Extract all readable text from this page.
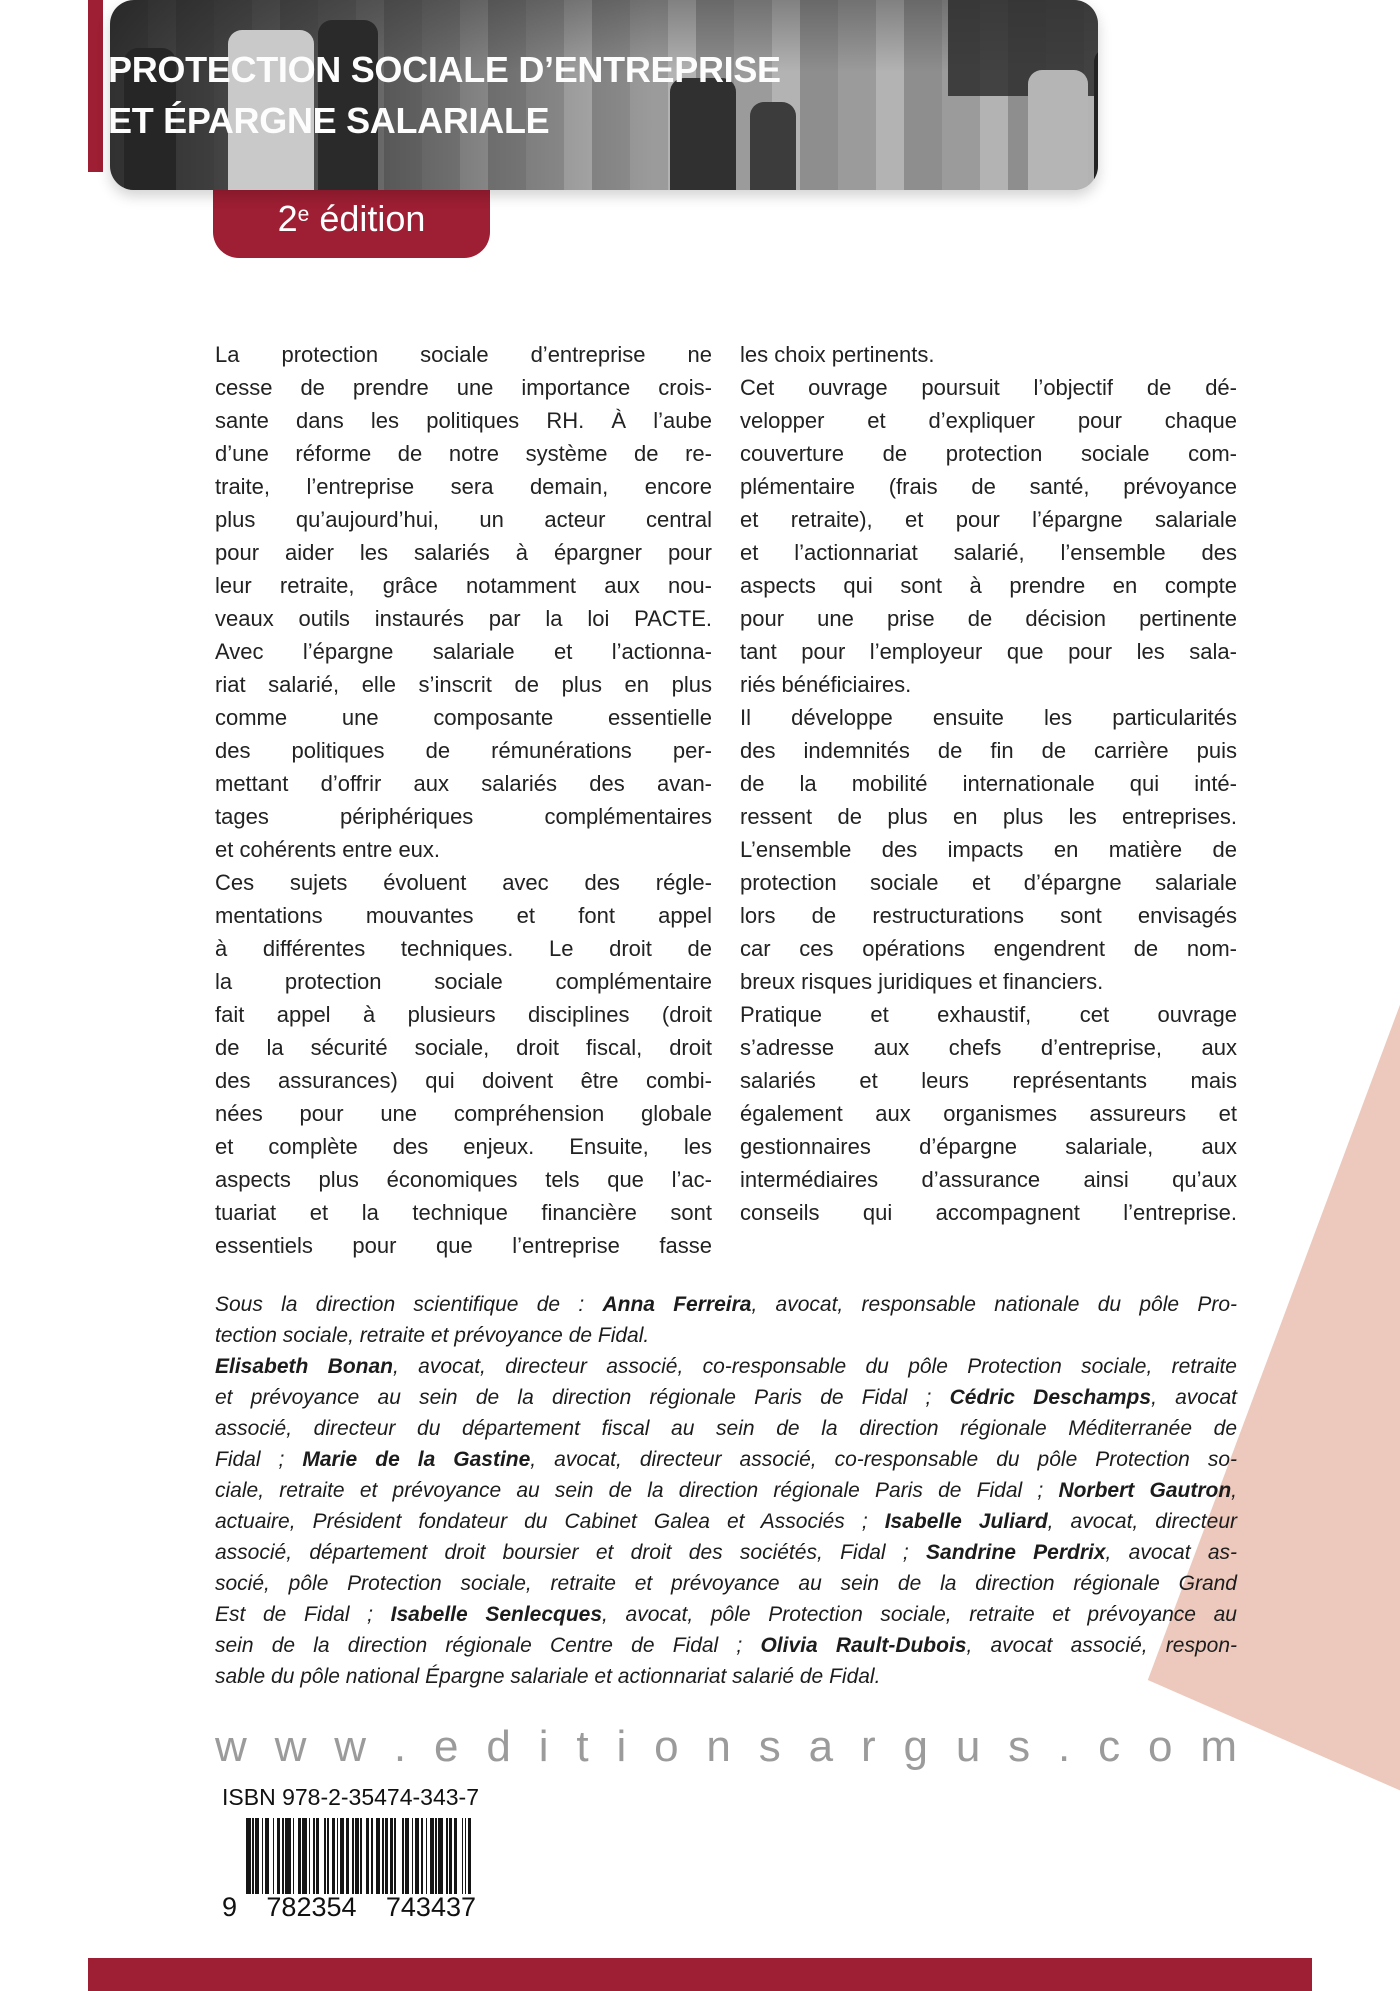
PROTECTION SOCIALE D’ENTREPRISE
ET ÉPARGNE SALARIALE
2e édition
La protection sociale d’entreprise ne
cesse de prendre une importance crois-
sante dans les politiques RH. À l’aube
d’une réforme de notre système de re-
traite, l’entreprise sera demain, encore
plus qu’aujourd’hui, un acteur central
pour aider les salariés à épargner pour
leur retraite, grâce notamment aux nou-
veaux outils instaurés par la loi PACTE.
Avec l’épargne salariale et l’actionna-
riat salarié, elle s’inscrit de plus en plus
comme une composante essentielle
des politiques de rémunérations per-
mettant d’offrir aux salariés des avan-
tages périphériques complémentaires
et cohérents entre eux.
Ces sujets évoluent avec des régle-
mentations mouvantes et font appel
à différentes techniques. Le droit de
la protection sociale complémentaire
fait appel à plusieurs disciplines (droit
de la sécurité sociale, droit fiscal, droit
des assurances) qui doivent être combi-
nées pour une compréhension globale
et complète des enjeux. Ensuite, les
aspects plus économiques tels que l’ac-
tuariat et la technique financière sont
essentiels pour que l’entreprise fasse
les choix pertinents.
Cet ouvrage poursuit l’objectif de dé-
velopper et d’expliquer pour chaque
couverture de protection sociale com-
plémentaire (frais de santé, prévoyance
et retraite), et pour l’épargne salariale
et l’actionnariat salarié, l’ensemble des
aspects qui sont à prendre en compte
pour une prise de décision pertinente
tant pour l’employeur que pour les sala-
riés bénéficiaires.
Il développe ensuite les particularités
des indemnités de fin de carrière puis
de la mobilité internationale qui inté-
ressent de plus en plus les entreprises.
L’ensemble des impacts en matière de
protection sociale et d’épargne salariale
lors de restructurations sont envisagés
car ces opérations engendrent de nom-
breux risques juridiques et financiers.
Pratique et exhaustif, cet ouvrage
s’adresse aux chefs d’entreprise, aux
salariés et leurs représentants mais
également aux organismes assureurs et
gestionnaires d’épargne salariale, aux
intermédiaires d’assurance ainsi qu’aux
conseils qui accompagnent l’entreprise.
Sous la direction scientifique de : Anna Ferreira, avocat, responsable nationale du pôle Pro-
tection sociale, retraite et prévoyance de Fidal.
Elisabeth Bonan, avocat, directeur associé, co-responsable du pôle Protection sociale, retraite
et prévoyance au sein de la direction régionale Paris de Fidal ; Cédric Deschamps, avocat
associé, directeur du département fiscal au sein de la direction régionale Méditerranée de
Fidal ; Marie de la Gastine, avocat, directeur associé, co-responsable du pôle Protection so-
ciale, retraite et prévoyance au sein de la direction régionale Paris de Fidal ; Norbert Gautron,
actuaire, Président fondateur du Cabinet Galea et Associés ; Isabelle Juliard, avocat, directeur
associé, département droit boursier et droit des sociétés, Fidal ; Sandrine Perdrix, avocat as-
socié, pôle Protection sociale, retraite et prévoyance au sein de la direction régionale Grand
Est de Fidal ; Isabelle Senlecques, avocat, pôle Protection sociale, retraite et prévoyance au
sein de la direction régionale Centre de Fidal ; Olivia Rault-Dubois, avocat associé, respon-
sable du pôle national Épargne salariale et actionnariat salarié de Fidal.
w w w . e d i t i o n s a r g u s . c o m
ISBN 978-2-35474-343-7
9 782354 743437
